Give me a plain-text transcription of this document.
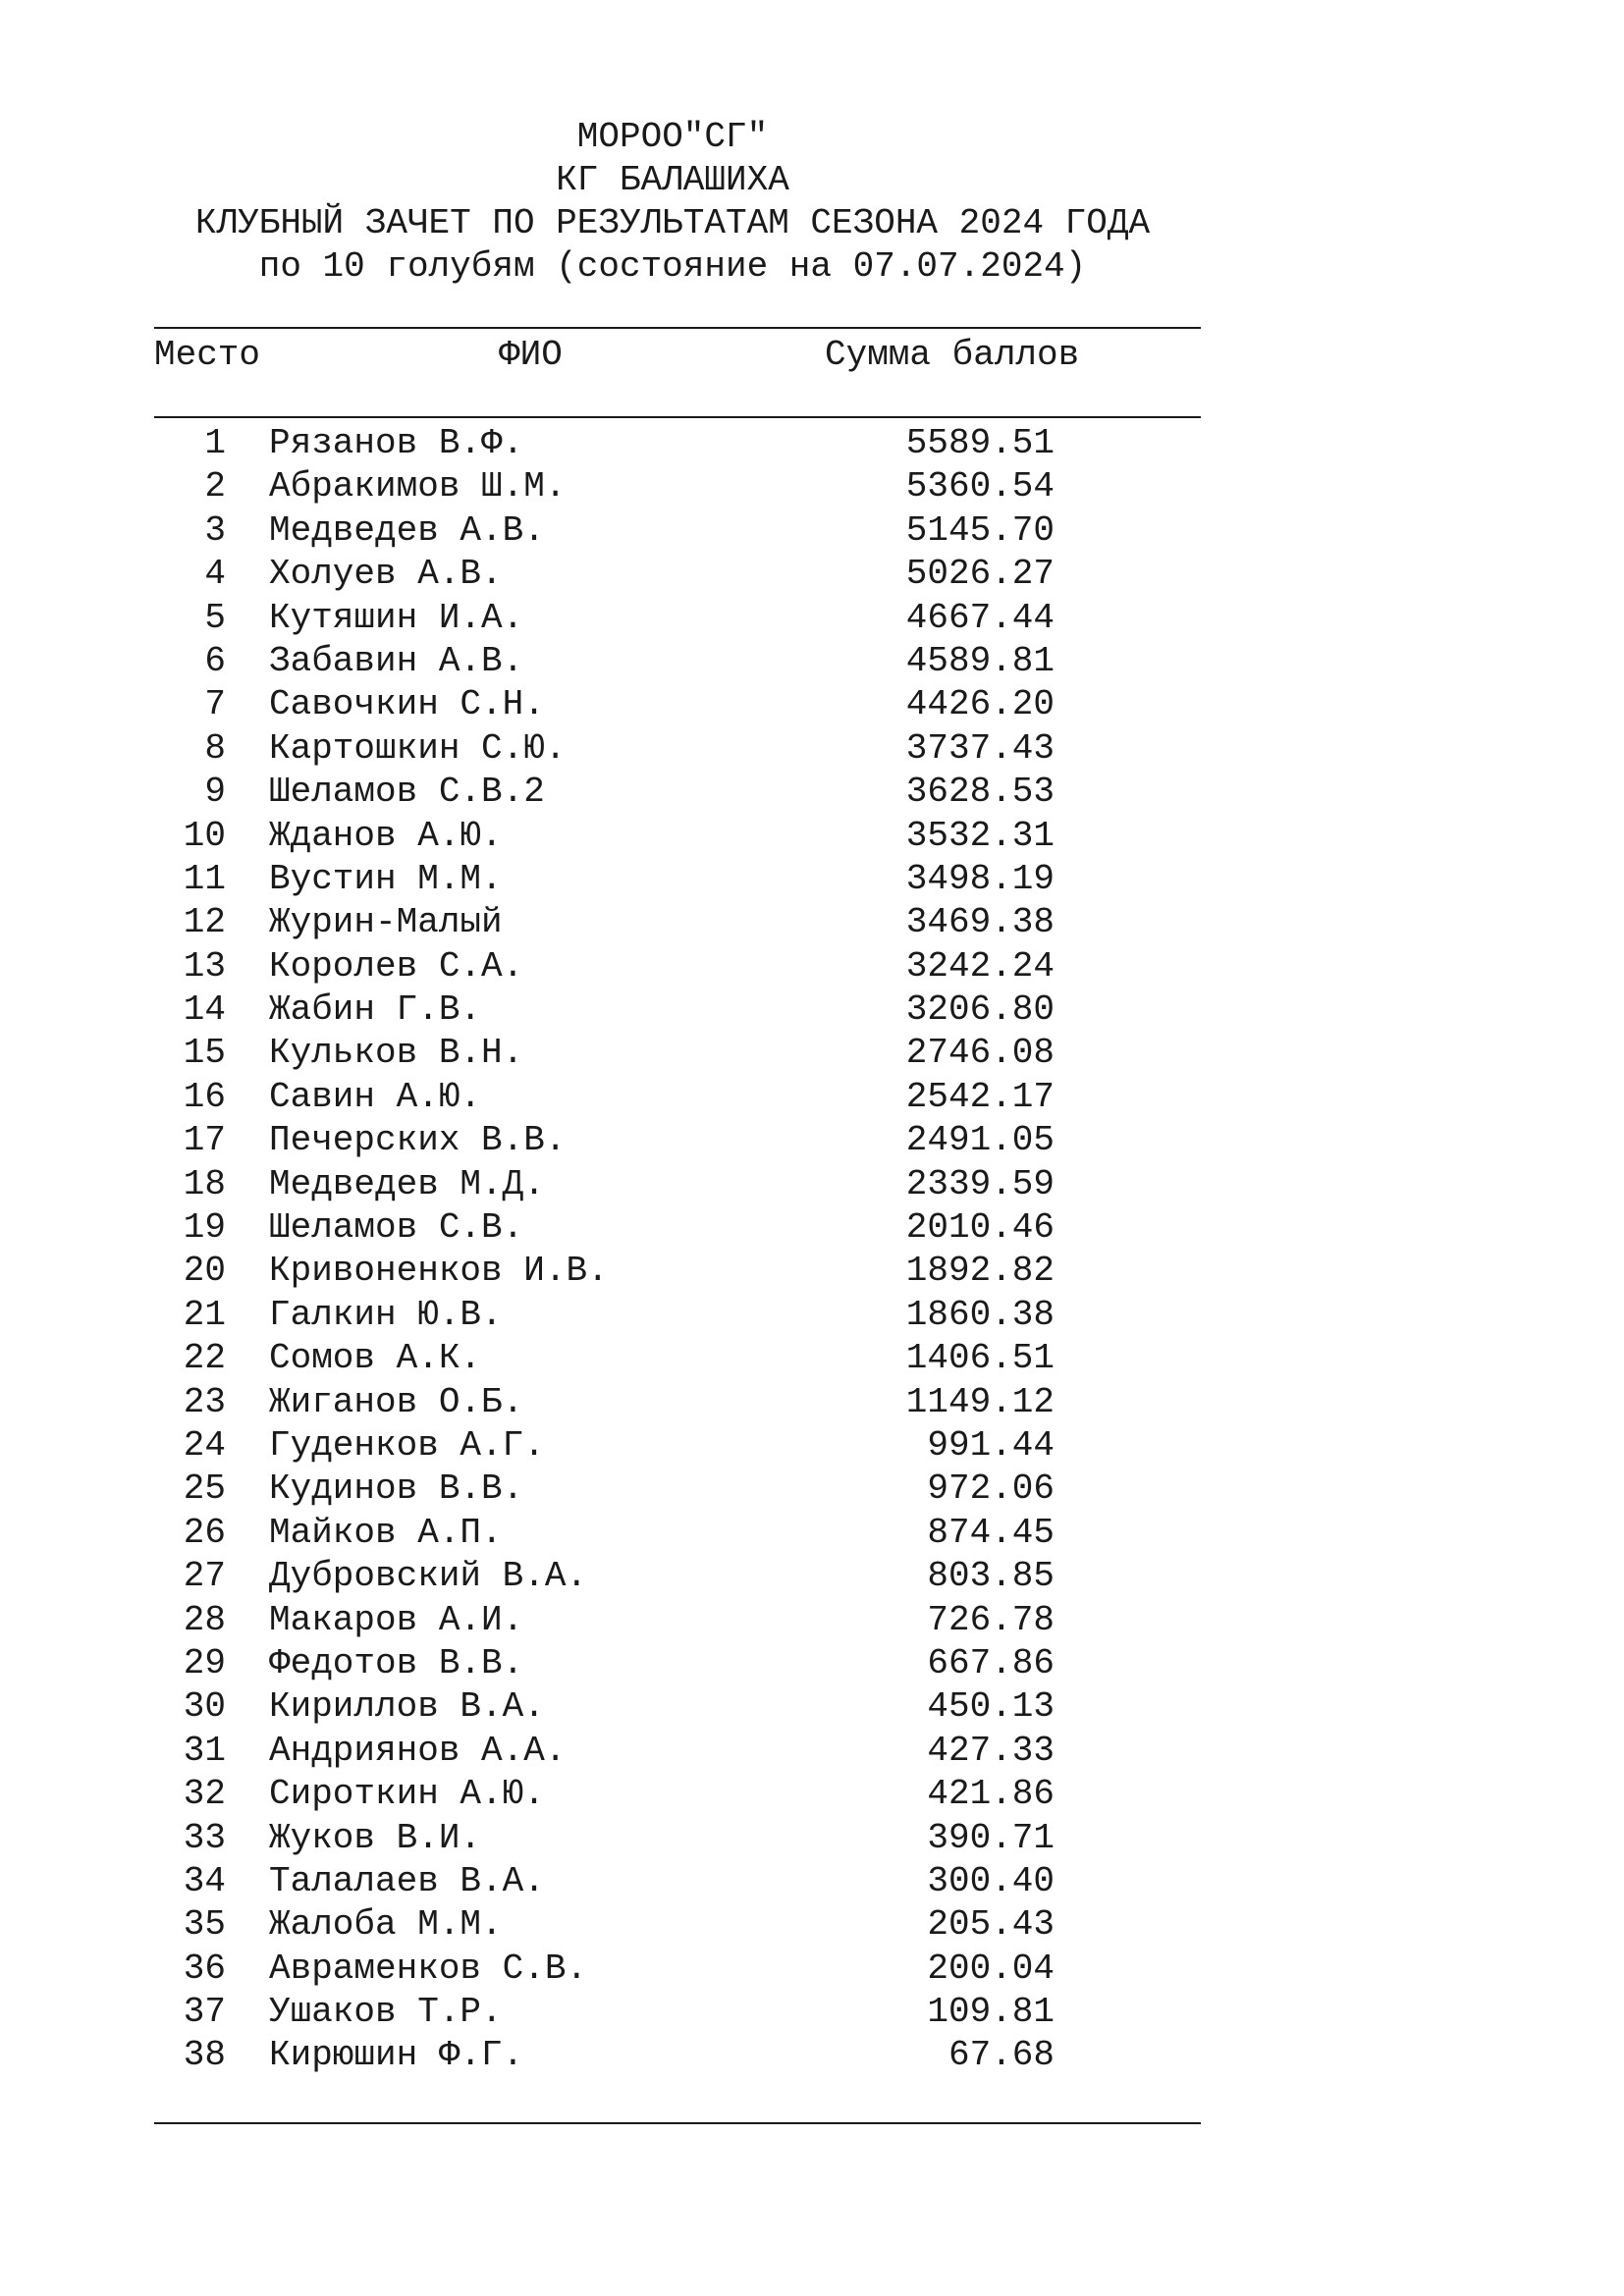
МОРОО"СГ"
КГ БАЛАШИХА
КЛУБНЫЙ ЗАЧЕТ ПО РЕЗУЛЬТАТАМ СЕЗОНА 2024 ГОДА
по 10 голубям (состояние на 07.07.2024)
Место	ФИО	Сумма баллов
1 Рязанов В.Ф.	5589.51
2 Абракимов Ш.М.	5360.54
3 Медведев А.В.	5145.70
4 Холуев А.В.	5026.27
5 Кутяшин И.А.	4667.44
6 Забавин А.В.	4589.81
7 Савочкин С.Н.	4426.20
8 Картошкин С.Ю.	3737.43
9 Шеламов С.В.2	3628.53
10 Жданов А.Ю.	3532.31
11 Вустин М.М.	3498.19
12 Журин-Малый	3469.38
13 Королев С.А.	3242.24
14 Жабин Г.В.	3206.80
15 Кульков В.Н.	2746.08
16 Савин А.Ю.	2542.17
17 Печерских В.В.	2491.05
18 Медведев М.Д.	2339.59
19 Шеламов С.В.	2010.46
20 Кривоненков И.В.	1892.82
21 Галкин Ю.В.	1860.38
22 Сомов А.К.	1406.51
23 Жиганов О.Б.	1149.12
24 Гуденков А.Г.	991.44
25 Кудинов В.В.	972.06
26 Майков А.П.	874.45
27 Дубровский В.А.	803.85
28 Макаров А.И.	726.78
29 Федотов В.В.	667.86
30 Кириллов В.А.	450.13
31 Андриянов А.А.	427.33
32 Сироткин А.Ю.	421.86
33 Жуков В.И.	390.71
34 Талалаев В.А.	300.40
35 Жалоба М.М.	205.43
36 Авраменков С.В.	200.04
37 Ушаков Т.Р.	109.81
38 Кирюшин Ф.Г.	67.68
